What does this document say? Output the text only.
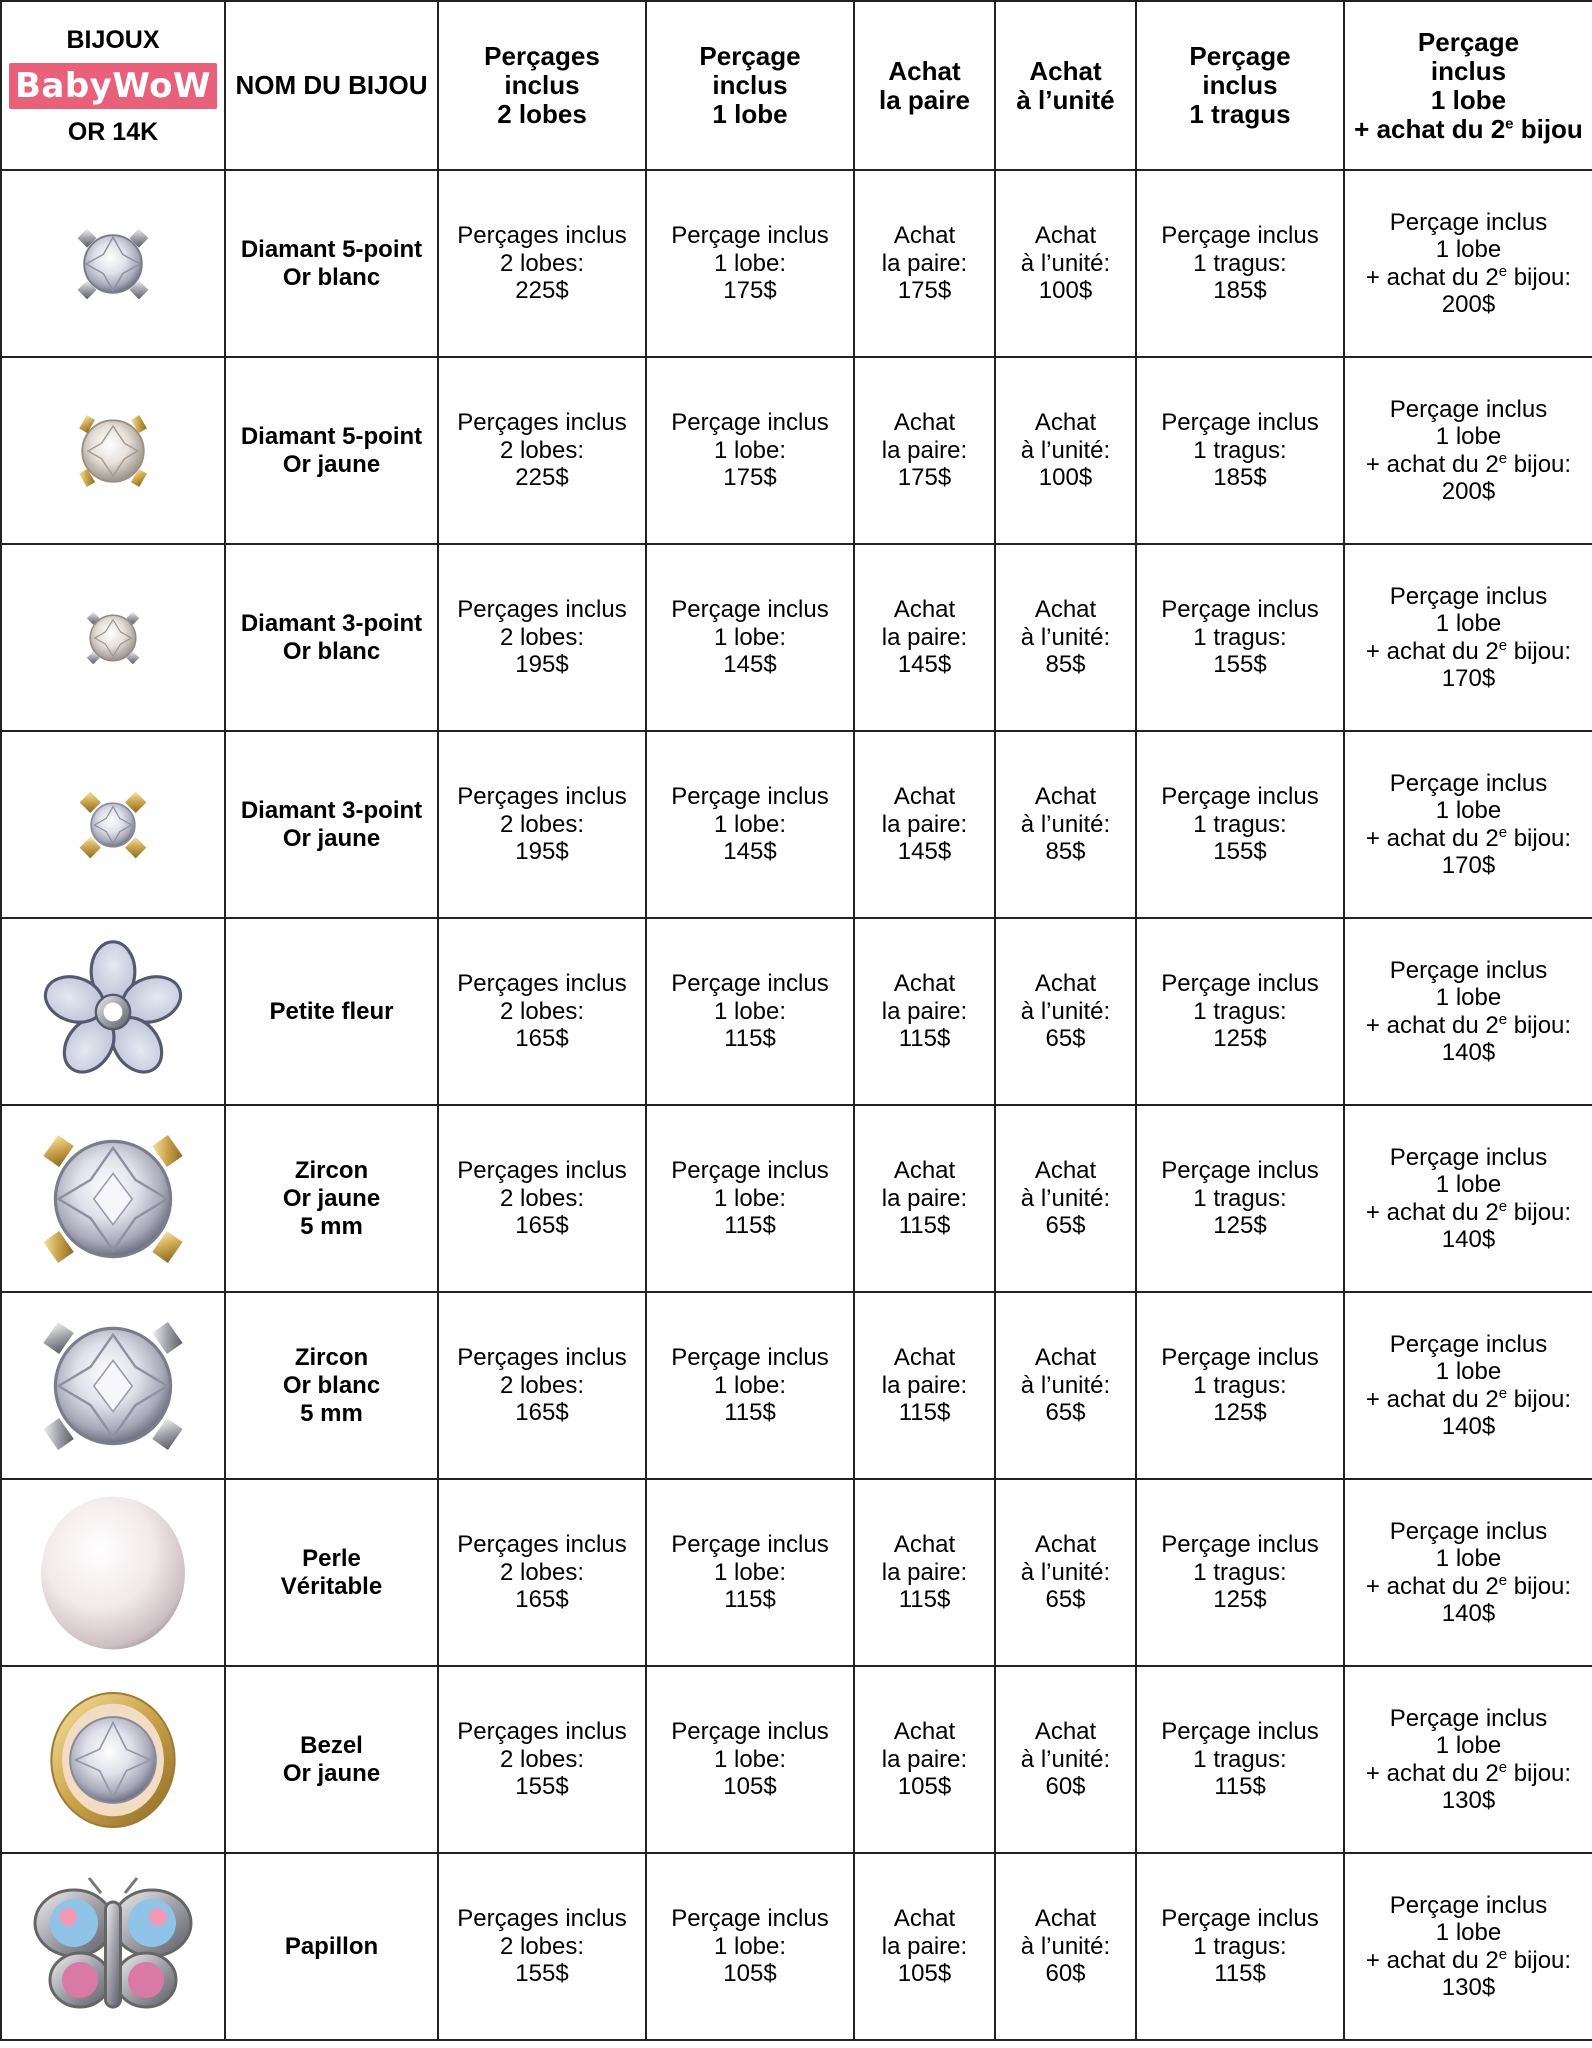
BIJOUX
BabyWoW
OR 14K	NOM DU BIJOU	Perçages
inclus
2 lobes	Perçage
inclus
1 lobe	Achat
la paire	Achat
à l’unité	Perçage
inclus
1 tragus	Perçage
inclus
1 lobe
+ achat du 2e bijou

Diamant 5-point
Or blanc	Perçages inclus
2 lobes:
225$	Perçage inclus
1 lobe:
175$	Achat
la paire:
175$	Achat
à l’unité:
100$	Perçage inclus
1 tragus:
185$	Perçage inclus
1 lobe
+ achat du 2e bijou:
200$

Diamant 5-point
Or jaune	Perçages inclus
2 lobes:
225$	Perçage inclus
1 lobe:
175$	Achat
la paire:
175$	Achat
à l’unité:
100$	Perçage inclus
1 tragus:
185$	Perçage inclus
1 lobe
+ achat du 2e bijou:
200$

Diamant 3-point
Or blanc	Perçages inclus
2 lobes:
195$	Perçage inclus
1 lobe:
145$	Achat
la paire:
145$	Achat
à l’unité:
85$	Perçage inclus
1 tragus:
155$	Perçage inclus
1 lobe
+ achat du 2e bijou:
170$

Diamant 3-point
Or jaune	Perçages inclus
2 lobes:
195$	Perçage inclus
1 lobe:
145$	Achat
la paire:
145$	Achat
à l’unité:
85$	Perçage inclus
1 tragus:
155$	Perçage inclus
1 lobe
+ achat du 2e bijou:
170$

Petite fleur	Perçages inclus
2 lobes:
165$	Perçage inclus
1 lobe:
115$	Achat
la paire:
115$	Achat
à l’unité:
65$	Perçage inclus
1 tragus:
125$	Perçage inclus
1 lobe
+ achat du 2e bijou:
140$

Zircon
Or jaune
5 mm	Perçages inclus
2 lobes:
165$	Perçage inclus
1 lobe:
115$	Achat
la paire:
115$	Achat
à l’unité:
65$	Perçage inclus
1 tragus:
125$	Perçage inclus
1 lobe
+ achat du 2e bijou:
140$

Zircon
Or blanc
5 mm	Perçages inclus
2 lobes:
165$	Perçage inclus
1 lobe:
115$	Achat
la paire:
115$	Achat
à l’unité:
65$	Perçage inclus
1 tragus:
125$	Perçage inclus
1 lobe
+ achat du 2e bijou:
140$

Perle
Véritable	Perçages inclus
2 lobes:
165$	Perçage inclus
1 lobe:
115$	Achat
la paire:
115$	Achat
à l’unité:
65$	Perçage inclus
1 tragus:
125$	Perçage inclus
1 lobe
+ achat du 2e bijou:
140$

Bezel
Or jaune	Perçages inclus
2 lobes:
155$	Perçage inclus
1 lobe:
105$	Achat
la paire:
105$	Achat
à l’unité:
60$	Perçage inclus
1 tragus:
115$	Perçage inclus
1 lobe
+ achat du 2e bijou:
130$

Papillon	Perçages inclus
2 lobes:
155$	Perçage inclus
1 lobe:
105$	Achat
la paire:
105$	Achat
à l’unité:
60$	Perçage inclus
1 tragus:
115$	Perçage inclus
1 lobe
+ achat du 2e bijou:
130$
